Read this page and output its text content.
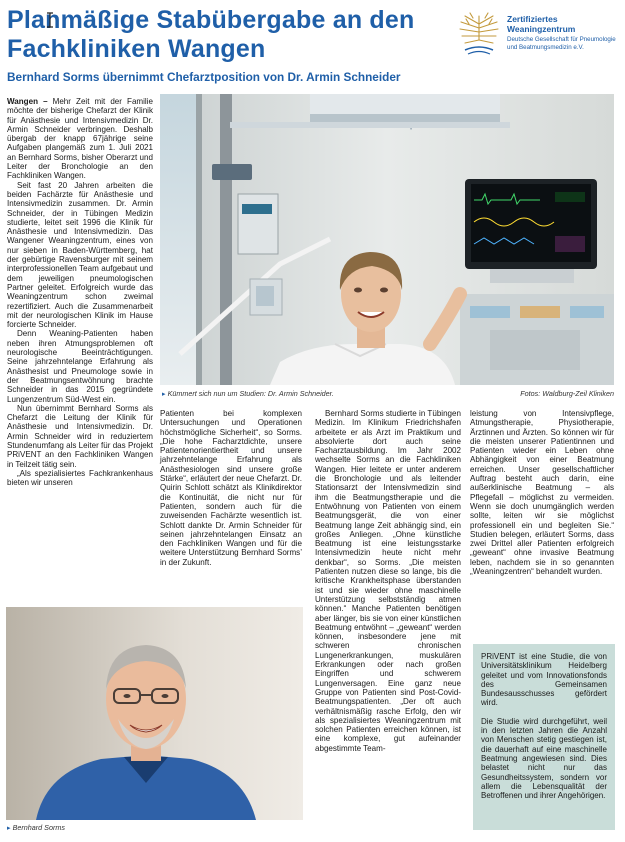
Planmäßige Stabübergabe an den Fachkliniken Wangen
Bernhard Sorms übernimmt Chefarztposition von Dr. Armin Schneider
Zertifiziertes
Weaningzentrum
Deutsche Gesellschaft für Pneumologie
und Beatmungsmedizin e.V.

Wangen – Mehr Zeit mit der Familie möchte der bisherige Chefarzt der Klinik für Anästhesie und Intensivmedizin Dr. Armin Schneider verbringen. Deshalb übergab der knapp 67jährige seine Aufgaben plangemäß zum 1. Juli 2021 an Bernhard Sorms, bisher Oberarzt und Leiter der Bronchologie an den Fachkliniken Wangen.

Seit fast 20 Jahren arbeiten die beiden Fachärzte für Anästhesie und Intensivmedizin zusammen. Dr. Armin Schneider, der in Tübingen Medizin studierte, leitet seit 1996 die Klinik für Anästhesie und Intensivmedizin. Das Wangener Weaningzentrum, eines von nur sieben in Baden-Württemberg, hat der gebürtige Ravensburger mit seinem interprofessionellen Team aufgebaut und dem jeweiligen pneumologischen Partner geleitet. Erfolgreich wurde das Weaningzentrum schon zweimal rezertifiziert. Auch die Zusammenarbeit mit der neurologischen Klinik im Hause forcierte Schneider.

Denn Weaning-Patienten haben neben ihren Atmungsproblemen oft neurologische Beeinträchtigungen. Seine jahrzehntelange Erfahrung als Anästhesist und Pneumologe sowie in der Beatmungsentwöhnung brachte Schneider in das 2015 gegründete Lungenzentrum Süd-West ein.

Nun übernimmt Bernhard Sorms als Chefarzt die Leitung der Klinik für Anästhesie und Intensivmedizin. Dr. Armin Schneider wird in reduziertem Stundenumfang als Leiter für das Projekt PRiVENT an den Fachkliniken Wangen in Teilzeit tätig sein.

„Als spezialisiertes Fachkrankenhaus bieten wir unseren

▸ Kümmert sich nun um Studien: Dr. Armin Schneider.	Fotos: Waldburg-Zeil Kliniken

Patienten bei komplexen Untersuchungen und Operationen höchstmögliche Sicherheit“, so Sorms. „Die hohe Facharztdichte, unsere Patientenorientiertheit und unsere jahrzehntelange Erfahrung als Anästhesiologen sind unsere große Stärke“, erläutert der neue Chefarzt. Dr. Quirin Schlott schätzt als Klinikdirektor die Kontinuität, die nicht nur für Patienten, sondern auch für die zuweisenden Fachärzte wesentlich ist. Schlott dankte Dr. Armin Schneider für seinen jahrzehntelangen Einsatz an den Fachkliniken Wangen und für die weitere Unterstützung Bernhard Sorms’ in der Zukunft.

Bernhard Sorms studierte in Tübingen Medizin. Im Klinikum Friedrichshafen arbeitete er als Arzt im Praktikum und absolvierte dort auch seine Facharztausbildung. Im Jahr 2002 wechselte Sorms an die Fachkliniken Wangen. Hier leitete er unter anderem die Bronchologie und als leitender Stationsarzt der Intensivmedizin sind ihm die Beatmungstherapie und die Entwöhnung von Patienten von einem Beatmungsgerät, die von einer Beatmung lange Zeit abhängig sind, ein großes Anliegen. „Ohne künstliche Beatmung ist eine leistungsstarke Intensivmedizin heute nicht mehr denkbar“, so Sorms. „Die meisten Patienten nutzen diese so lange, bis die kritische Krankheitsphase überstanden ist und sie wieder ohne maschinelle Unterstützung selbstständig atmen können.“ Manche Patienten benötigen aber länger, bis sie von einer künstlichen Beatmung entwöhnt – „geweant“ werden können, insbesondere jene mit schweren chronischen Lungenerkrankungen, muskulären Erkrankungen oder nach großen Eingriffen und schwerem Lungenversagen. Eine ganz neue Gruppe von Patienten sind Post-Covid-Beatmungspatienten. „Der oft auch verhältnismäßig rasche Erfolg, den wir als spezialisiertes Weaningzentrum mit solchen Patienten erreichen können, ist eine komplexe, gut aufeinander abgestimmte Team-

leistung von Intensivpflege, Atmungstherapie, Physiotherapie, Ärztinnen und Ärzten. So können wir für die meisten unserer Patientinnen und Patienten wieder ein Leben ohne Abhängigkeit von einer Beatmung erreichen. Unser gesellschaftlicher Auftrag besteht auch darin, eine außerklinische Beatmung – als Pflegefall – möglichst zu vermeiden. Wenn sie doch unumgänglich werden sollte, leiten wir sie möglichst professionell ein und begleiten Sie.“ Studien belegen, erläutert Sorms, dass zwei Drittel aller Patienten erfolgreich „geweant“ ohne invasive Beatmung leben, nachdem sie in so genannten „Weaningzentren“ behandelt wurden.

▸ Bernhard Sorms

PRiVENT ist eine Studie, die von Universitätsklinikum Heidelberg geleitet und vom Innovationsfonds des Gemeinsamen Bundesausschusses gefördert wird.

Die Studie wird durchgeführt, weil in den letzten Jahren die Anzahl von Menschen stetig gestiegen ist, die dauerhaft auf eine maschinelle Beatmung angewiesen sind. Dies belastet nicht nur das Gesundheitssystem, sondern vor allem die Lebensqualität der Betroffenen und ihrer Angehörigen.
